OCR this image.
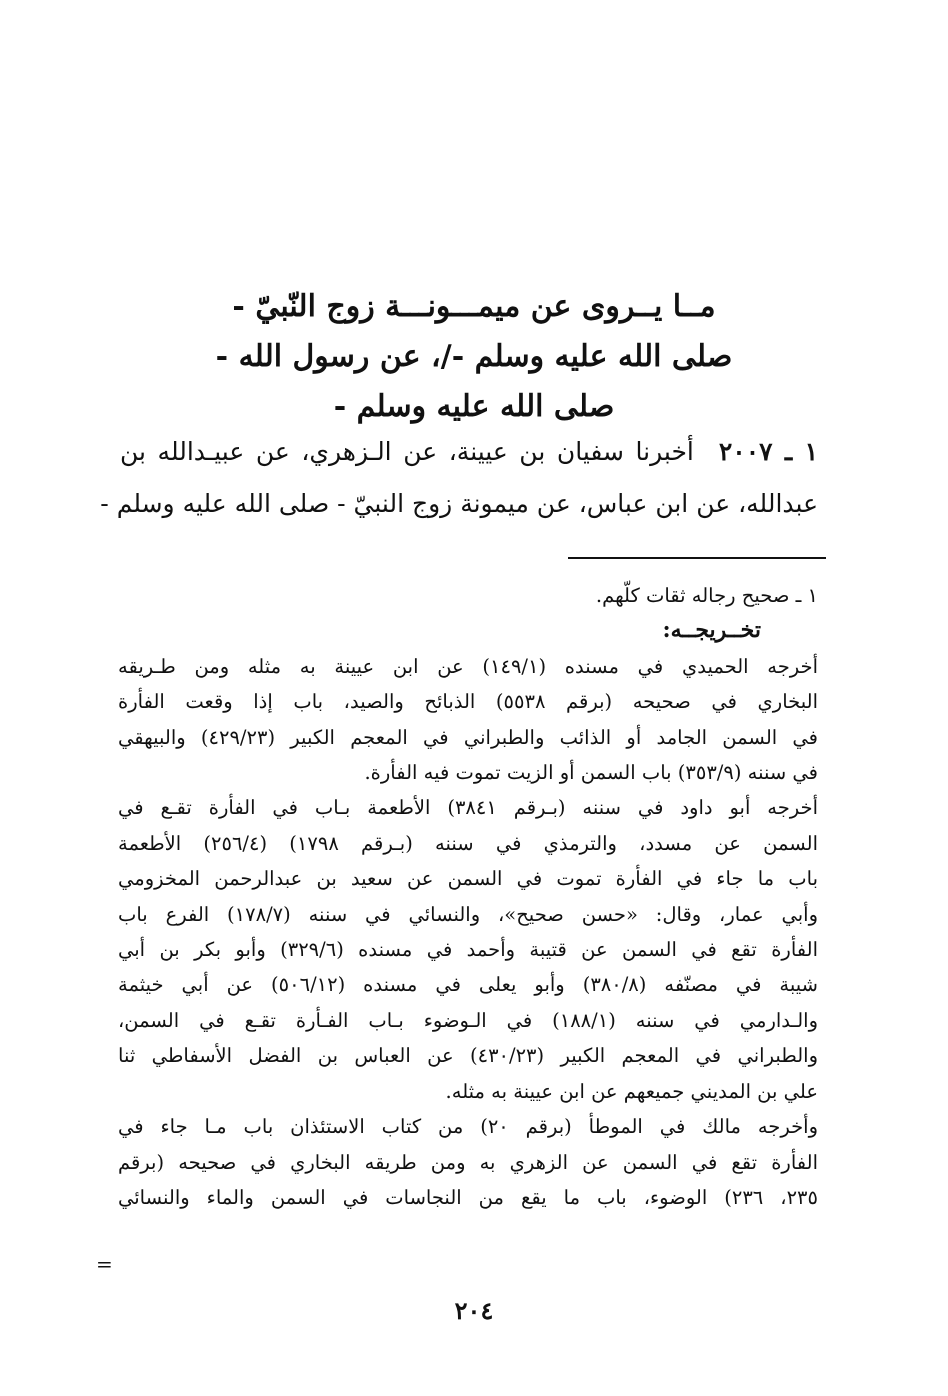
مــا يــروى عن ميمـــونـــة زوج النّبيّ -
صلى الله عليه وسلم -/، عن رسول الله -
صلى الله عليه وسلم -
١ ـ ٢٠٠٧ أخبرنا سفيان بن عيينة، عن الـزهري، عن عبيـدالله بن
عبدالله، عن ابن عباس، عن ميمونة زوج النبيّ - صلى الله عليه وسلم -
١ ـ صحيح رجاله ثقات كلّهم.
تخــريجــه:
أخرجه الحميدي في مسنده (١٤٩/١) عن ابن عيينة به مثله ومن طـريقه
البخاري في صحيحه (برقم ٥٥٣٨) الذبائح والصيد، باب إذا وقعت الفأرة
في السمن الجامد أو الذائب والطبراني في المعجم الكبير (٤٢٩/٢٣) والبيهقي
في سننه (٣٥٣/٩) باب السمن أو الزيت تموت فيه الفأرة.
أخرجه أبو داود في سننه (بـرقم ٣٨٤١) الأطعمة بـاب في الفأرة تقـع في
السمن عن مسدد، والترمذي في سننه (بـرقم ١٧٩٨) (٢٥٦/٤) الأطعمة
باب ما جاء في الفأرة تموت في السمن عن سعيد بن عبدالرحمن المخزومي
وأبي عمار، وقال: «حسن صحيح»، والنسائي في سننه (١٧٨/٧) الفرع باب
الفأرة تقع في السمن عن قتيبة وأحمد في مسنده (٣٢٩/٦) وأبو بكر بن أبي
شيبة في مصنّفه (٣٨٠/٨) وأبو يعلى في مسنده (٥٠٦/١٢) عن أبي خيثمة
والـدارمي في سننه (١٨٨/١) في الـوضوء بـاب الفـأرة تقـع في السمن،
والطبراني في المعجم الكبير (٤٣٠/٢٣) عن العباس بن الفضل الأسفاطي ثنا
علي بن المديني جميعهم عن ابن عيينة به مثله.
وأخرجه مالك في الموطأ (برقم ٢٠) من كتاب الاستئذان باب مـا جاء في
الفأرة تقع في السمن عن الزهري به ومن طريقه البخاري في صحيحه (برقم
٢٣٥، ٢٣٦) الوضوء، باب ما يقع من النجاسات في السمن والماء والنسائي
=
٢٠٤
